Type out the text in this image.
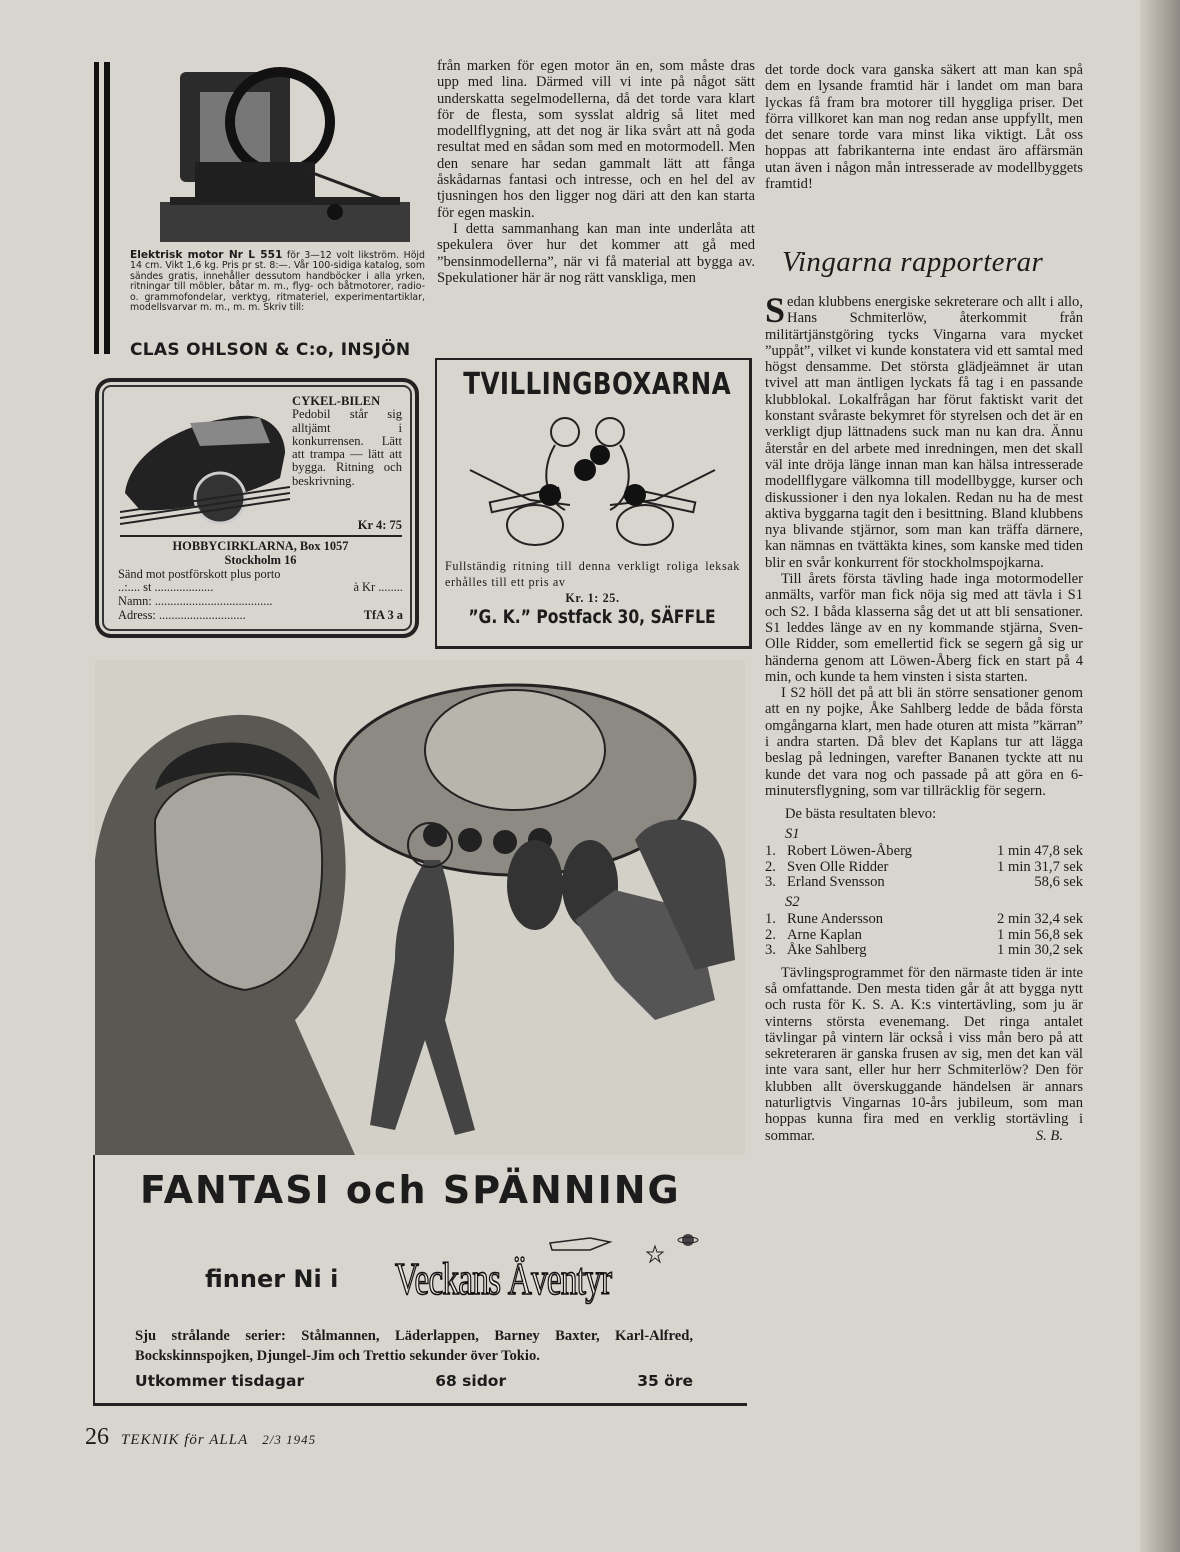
Elektrisk motor Nr L 551 för 3—12 volt likström. Höjd 14 cm. Vikt 1,6 kg. Pris pr st. 8:—. Vår 100-sidiga katalog, som sändes gratis, innehåller dessutom handböcker i alla yrken, ritningar till möbler, båtar m. m., flyg- och båtmotorer, radio- o. grammofondelar, verktyg, ritmateriel, experimentartiklar, modellsvarvar m. m., m. m. Skriv till:
CLAS OHLSON & C:o, INSJÖN
CYKEL-BILEN Pedobil står sig alltjämt i konkurrensen. Lätt att trampa — lätt att bygga. Ritning och beskrivning.
Kr 4: 75
HOBBYCIRKLARNA, Box 1057
Stockholm 16
Sänd mot postförskott plus porto
..:.... st ...................	à Kr ........
Namn: ......................................
Adress: ............................	TfA 3 a

från marken för egen motor än en, som måste dras upp med lina. Därmed vill vi inte på något sätt underskatta segelmodellerna, då det torde vara klart för de flesta, som sysslat aldrig så litet med modellflygning, att det nog är lika svårt att nå goda resultat med en sådan som med en motormodell. Men den senare har sedan gammalt lätt att fånga åskådarnas fantasi och intresse, och en hel del av tjusningen hos den ligger nog däri att den kan starta för egen maskin.

I detta sammanhang kan man inte underlåta att spekulera över hur det kommer att gå med ”bensinmodellerna”, när vi få material att bygga av. Spekulationer här är nog rätt vanskliga, men

TVILLINGBOXARNA
Fullständig ritning till denna verkligt roliga leksak erhålles till ett pris av
Kr. 1: 25.
”G. K.” Postfack 30, SÄFFLE

det torde dock vara ganska säkert att man kan spå dem en lysande framtid här i landet om man bara lyckas få fram bra motorer till hyggliga priser. Det förra villkoret kan man nog redan anse uppfyllt, men det senare torde vara minst lika viktigt. Låt oss hoppas att fabrikanterna inte endast äro affärsmän utan även i någon mån intresserade av modellbyggets framtid!

Vingarna rapporterar

Sedan klubbens energiske sekreterare och allt i allo, Hans Schmiterlöw, återkommit från militärtjänstgöring tycks Vingarna vara mycket ”uppåt”, vilket vi kunde konstatera vid ett samtal med högst densamme. Det största glädjeämnet är utan tvivel att man äntligen lyckats få tag i en passande klubblokal. Lokalfrågan har förut faktiskt varit det konstant svåraste bekymret för styrelsen och det är en verkligt djup lättnadens suck man nu kan dra. Ännu återstår en del arbete med inredningen, men det skall väl inte dröja länge innan man kan hälsa intresserade modellflygare välkomna till modellbygge, kurser och diskussioner i den nya lokalen. Redan nu ha de mest aktiva byggarna tagit den i besittning. Bland klubbens nya blivande stjärnor, som man kan träffa därnere, kan nämnas en tvättäkta kines, som kanske med tiden blir en svår konkurrent för stockholmspojkarna.

Till årets första tävling hade inga motormodeller anmälts, varför man fick nöja sig med att tävla i S1 och S2. I båda klasserna såg det ut att bli sensationer. S1 leddes länge av en ny kommande stjärna, Sven-Olle Ridder, som emellertid fick se segern gå sig ur händerna genom att Löwen-Åberg fick en start på 4 min, och kunde ta hem vinsten i sista starten.

I S2 höll det på att bli än större sensationer genom att en ny pojke, Åke Sahlberg ledde de båda första omgångarna klart, men hade oturen att mista ”kärran” i andra starten. Då blev det Kaplans tur att lägga beslag på ledningen, varefter Bananen tyckte att nu kunde det vara nog och passade på att göra en 6-minutersflygning, som var tillräcklig för segern.

De bästa resultaten blevo:
S1
1. Robert Löwen-Åberg	1 min 47,8 sek
2. Sven Olle Ridder	1 min 31,7 sek
3. Erland Svensson	58,6 sek
S2
1. Rune Andersson	2 min 32,4 sek
2. Arne Kaplan	1 min 56,8 sek
3. Åke Sahlberg	1 min 30,2 sek

Tävlingsprogrammet för den närmaste tiden är inte så omfattande. Den mesta tiden går åt att bygga nytt och rusta för K. S. A. K:s vintertävling, som ju är vinterns största evenemang. Det ringa antalet tävlingar på vintern lär också i viss mån bero på att sekreteraren är ganska frusen av sig, men det kan väl inte vara sant, eller hur herr Schmiterlöw? Den för klubben allt överskuggande händelsen är annars naturligtvis Vingarnas 10-års jubileum, som man hoppas kunna fira med en verklig stortävling i sommar.	S. B.
FANTASI och SPÄNNING
finner Ni i Veckans Äventyr
Sju strålande serier: Stålmannen, Läderlappen, Barney Baxter, Karl-Alfred, Bockskinnspojken, Djungel-Jim och Trettio sekunder över Tokio.
Utkommer tisdagar	68 sidor	35 öre
26 TEKNIK för ALLA 2/3 1945
